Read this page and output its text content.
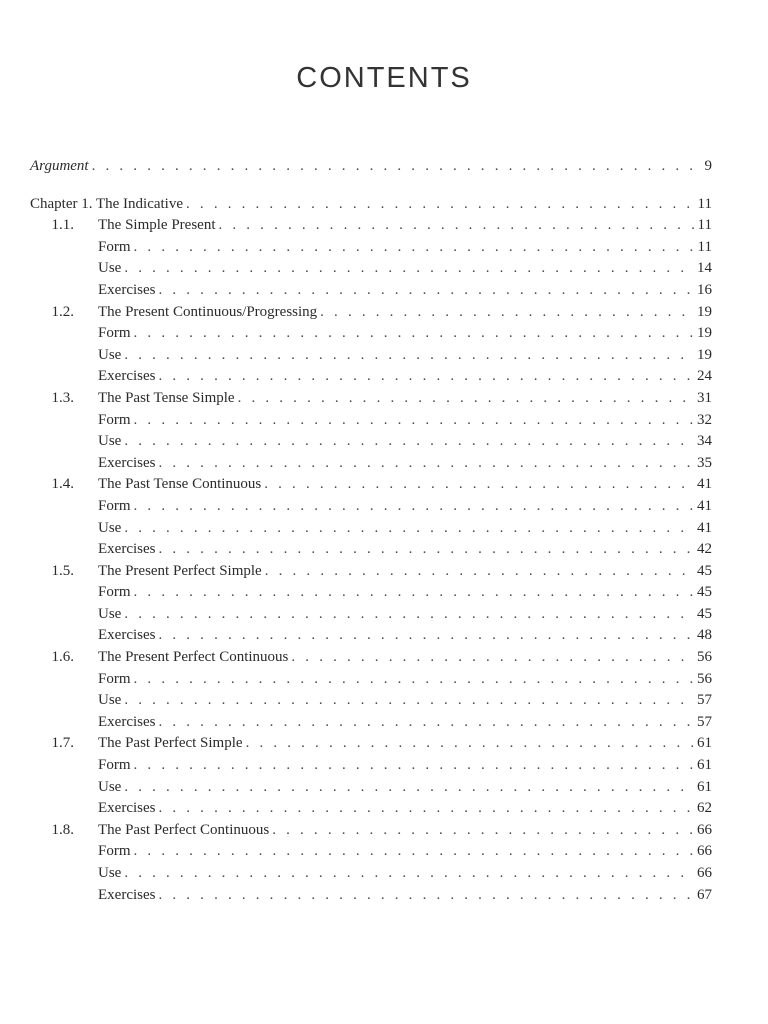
CONTENTS
Argument . . .	9
Chapter 1. The Indicative . . .	11
1.1.	The Simple Present . . .	11
Form . . .	11
Use . . .	14
Exercises . . .	16
1.2.	The Present Continuous/Progressing . . .	19
Form . . .	19
Use . . .	19
Exercises . . .	24
1.3.	The Past Tense Simple . . .	31
Form . . .	32
Use . . .	34
Exercises . . .	35
1.4.	The Past Tense Continuous . . .	41
Form . . .	41
Use . . .	41
Exercises . . .	42
1.5.	The Present Perfect Simple . . .	45
Form . . .	45
Use . . .	45
Exercises . . .	48
1.6.	The Present Perfect Continuous . . .	56
Form . . .	56
Use . . .	57
Exercises . . .	57
1.7.	The Past Perfect Simple . . .	61
Form . . .	61
Use . . .	61
Exercises . . .	62
1.8.	The Past Perfect Continuous . . .	66
Form . . .	66
Use . . .	66
Exercises . . .	67
